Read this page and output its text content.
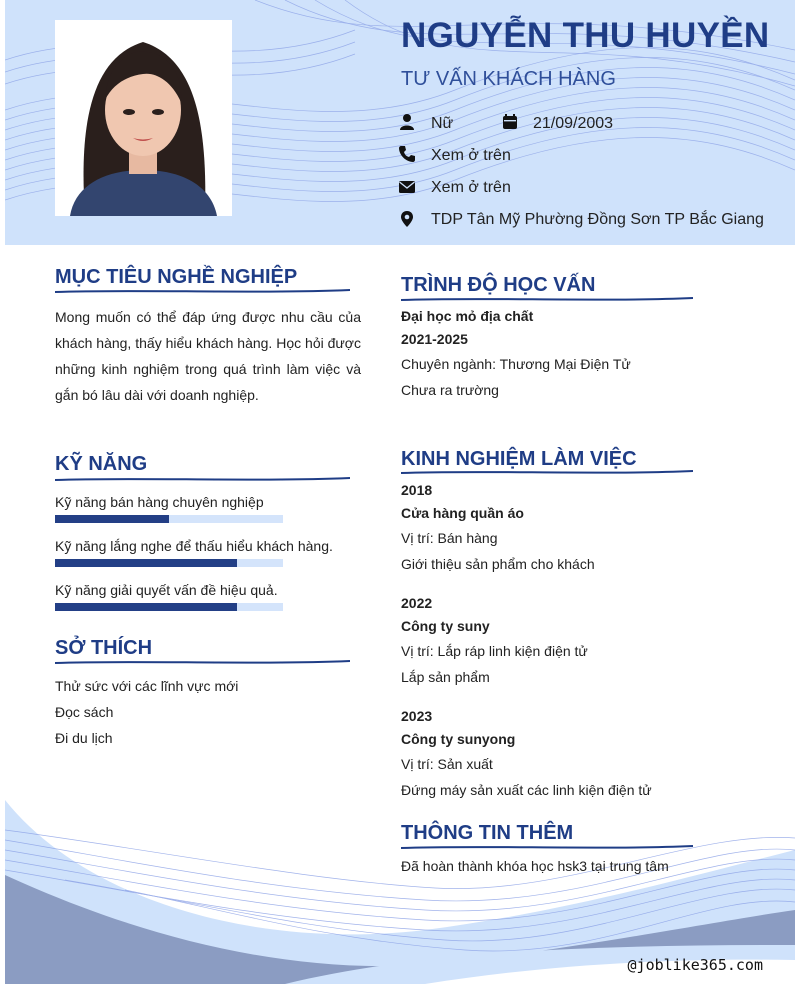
NGUYỄN THU HUYỀN
TƯ VẤN KHÁCH HÀNG
Nữ	21/09/2003
Xem ở trên
Xem ở trên
TDP Tân Mỹ Phường Đồng Sơn TP Bắc Giang
MỤC TIÊU NGHỀ NGHIỆP
Mong muốn có thể đáp ứng được nhu cầu của khách hàng, thấy hiểu khách hàng. Học hỏi được những kinh nghiệm trong quá trình làm việc và gắn bó lâu dài với doanh nghiệp.
KỸ NĂNG
Kỹ năng bán hàng chuyên nghiệp
Kỹ năng lắng nghe để thấu hiểu khách hàng.
Kỹ năng giải quyết vấn đề hiệu quả.
SỞ THÍCH
Thử sức với các lĩnh vực mới
Đọc sách
Đi du lịch
TRÌNH ĐỘ HỌC VẤN
Đại học mỏ địa chất
2021-2025
Chuyên ngành: Thương Mại Điện Tử
Chưa ra trường
KINH NGHIỆM LÀM VIỆC
2018
Cửa hàng quần áo
Vị trí: Bán hàng
Giới thiệu sản phẩm cho khách
2022
Công ty suny
Vị trí: Lắp ráp linh kiện điện tử
Lắp sản phẩm
2023
Công ty sunyong
Vị trí: Sản xuất
Đứng máy sản xuất các linh kiện điện tử
THÔNG TIN THÊM
Đã hoàn thành khóa học hsk3 tại trung tâm
@joblike365.com
